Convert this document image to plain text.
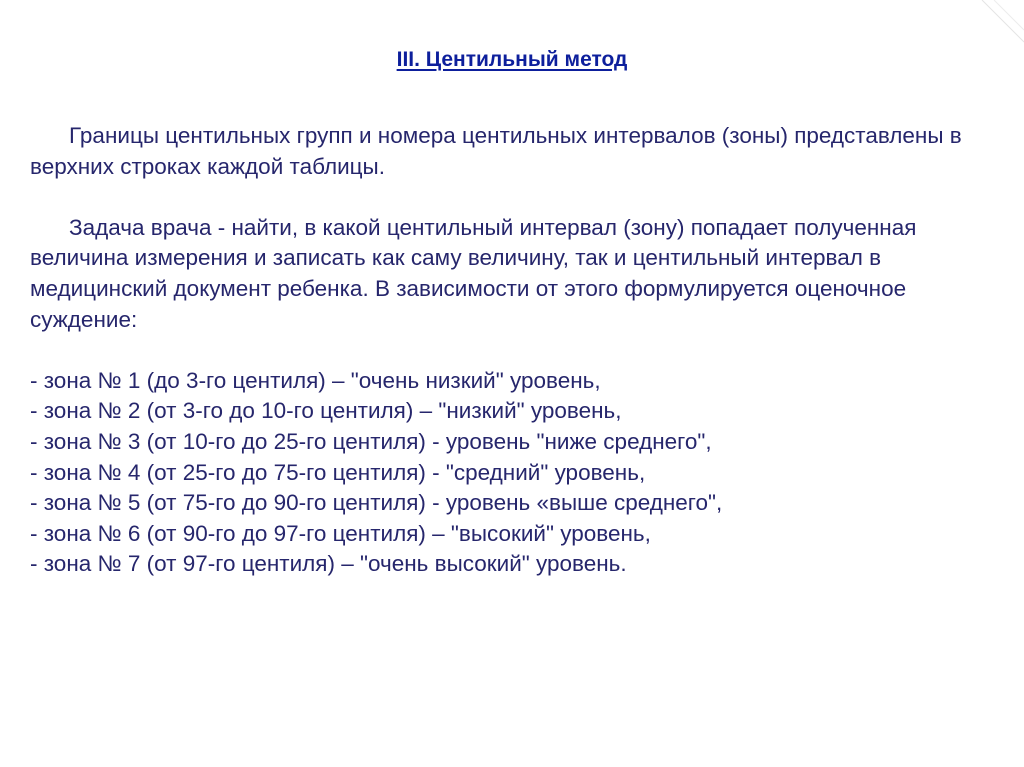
III. Центильный метод

Границы центильных групп и номера центильных интервалов (зоны) представлены в верхних строках каждой таблицы.

Задача врача - найти, в какой центильный интервал (зону) попадает полученная величина измерения и записать как саму величину, так и центильный интервал в медицинский документ ребенка. В зависимости от этого формулируется оценочное суждение:

- зона № 1 (до 3-го центиля) – "очень низкий" уровень,
- зона № 2 (от 3-го до 10-го центиля) – "низкий" уровень,
- зона № 3 (от 10-го до 25-го центиля) - уровень "ниже среднего",
- зона № 4 (от 25-го до 75-го центиля) - "средний" уровень,
- зона № 5 (от 75-го до 90-го центиля) - уровень «выше среднего",
- зона № 6 (от 90-го до 97-го центиля) – "высокий" уровень,
- зона № 7 (от 97-го центиля) – "очень высокий" уровень.
